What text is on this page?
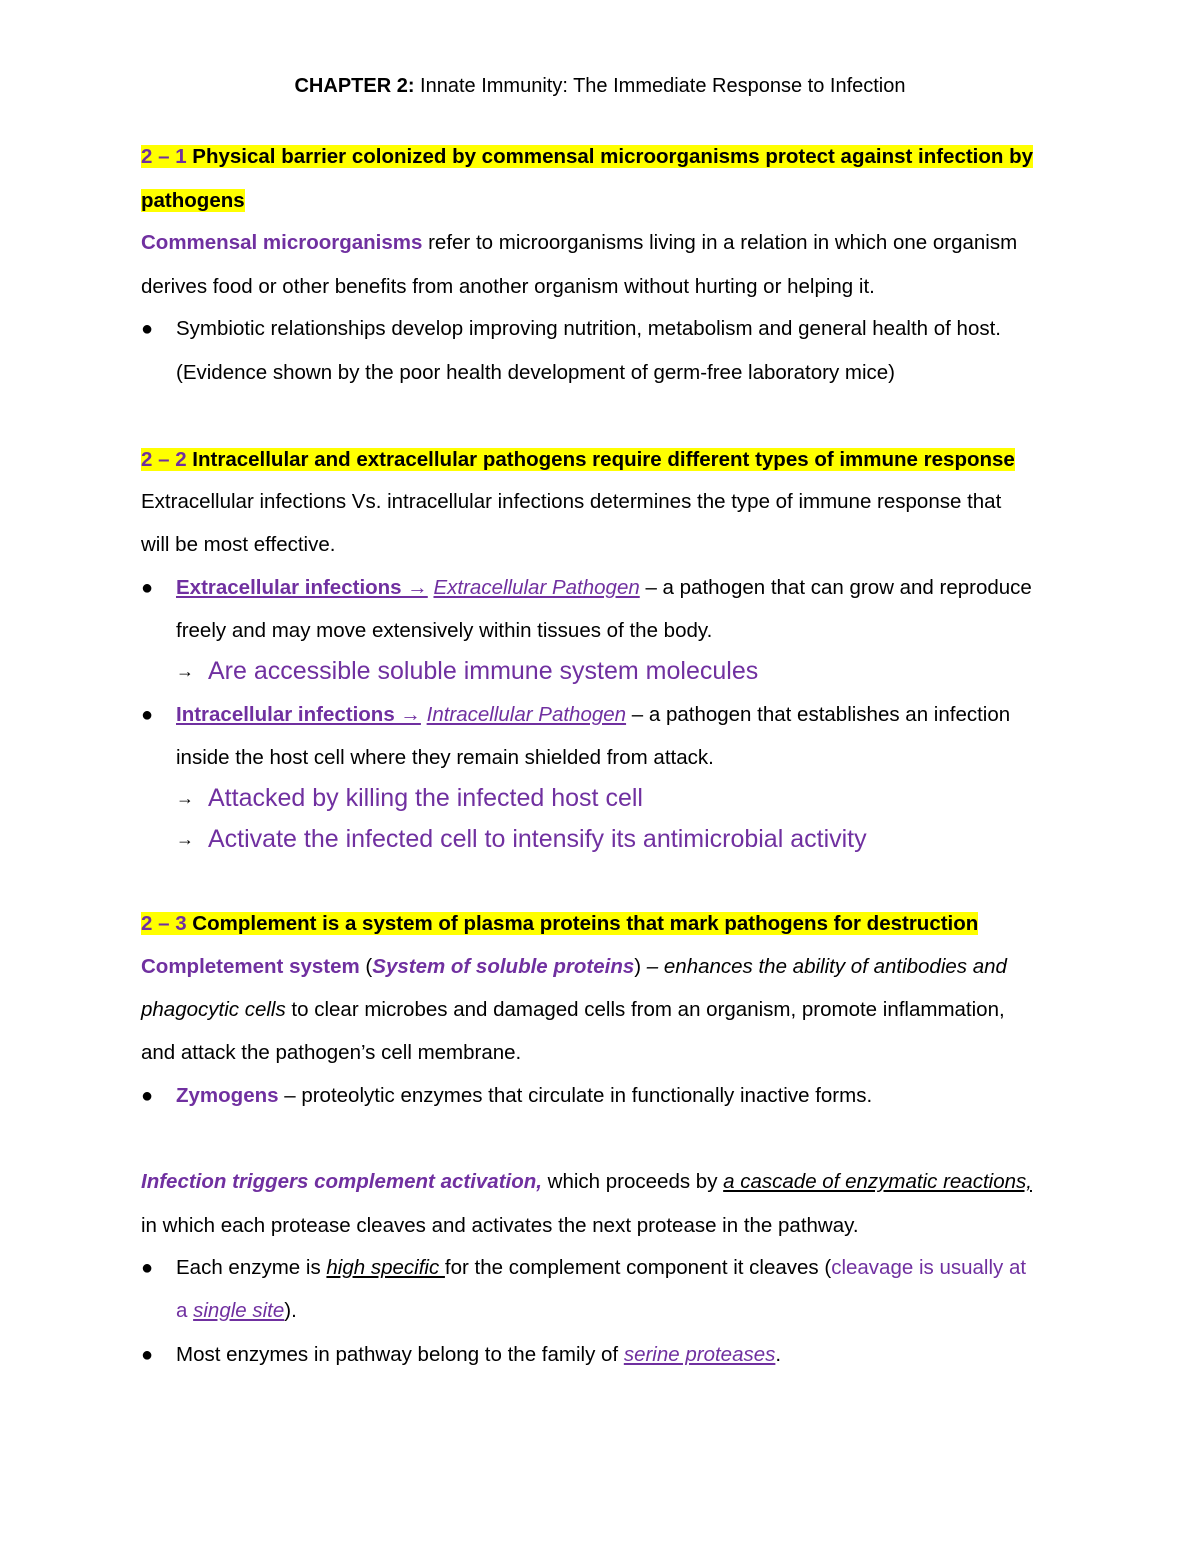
CHAPTER 2: Innate Immunity: The Immediate Response to Infection
2 – 1 Physical barrier colonized by commensal microorganisms protect against infection by
pathogens
Commensal microorganisms refer to microorganisms living in a relation in which one organism
derives food or other benefits from another organism without hurting or helping it.
● Symbiotic relationships develop improving nutrition, metabolism and general health of host.
(Evidence shown by the poor health development of germ-free laboratory mice)
2 – 2 Intracellular and extracellular pathogens require different types of immune response
Extracellular infections Vs. intracellular infections determines the type of immune response that
will be most effective.
● Extracellular infections → Extracellular Pathogen – a pathogen that can grow and reproduce
freely and may move extensively within tissues of the body.
→ Are accessible soluble immune system molecules
● Intracellular infections → Intracellular Pathogen – a pathogen that establishes an infection
inside the host cell where they remain shielded from attack.
→ Attacked by killing the infected host cell
→ Activate the infected cell to intensify its antimicrobial activity
2 – 3 Complement is a system of plasma proteins that mark pathogens for destruction
Completement system (System of soluble proteins) – enhances the ability of antibodies and
phagocytic cells to clear microbes and damaged cells from an organism, promote inflammation,
and attack the pathogen’s cell membrane.
● Zymogens – proteolytic enzymes that circulate in functionally inactive forms.
Infection triggers complement activation, which proceeds by a cascade of enzymatic reactions,
in which each protease cleaves and activates the next protease in the pathway.
● Each enzyme is high specific for the complement component it cleaves (cleavage is usually at
a single site).
● Most enzymes in pathway belong to the family of serine proteases.
